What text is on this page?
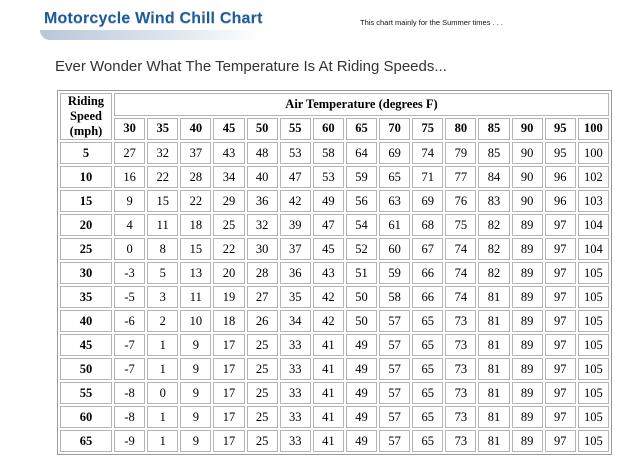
Motorcycle Wind Chill Chart	This chart mainly for the Summer times . . .
Ever Wonder What The Temperature Is At Riding Speeds...
Riding
Speed
(mph)	Air Temperature (degrees F)														
	30	35	40	45	50	55	60	65	70	75	80	85	90	95	100
5	27	32	37	43	48	53	58	64	69	74	79	85	90	95	100
10	16	22	28	34	40	47	53	59	65	71	77	84	90	96	102
15	9	15	22	29	36	42	49	56	63	69	76	83	90	96	103
20	4	11	18	25	32	39	47	54	61	68	75	82	89	97	104
25	0	8	15	22	30	37	45	52	60	67	74	82	89	97	104
30	-3	5	13	20	28	36	43	51	59	66	74	82	89	97	105
35	-5	3	11	19	27	35	42	50	58	66	74	81	89	97	105
40	-6	2	10	18	26	34	42	50	57	65	73	81	89	97	105
45	-7	1	9	17	25	33	41	49	57	65	73	81	89	97	105
50	-7	1	9	17	25	33	41	49	57	65	73	81	89	97	105
55	-8	0	9	17	25	33	41	49	57	65	73	81	89	97	105
60	-8	1	9	17	25	33	41	49	57	65	73	81	89	97	105
65	-9	1	9	17	25	33	41	49	57	65	73	81	89	97	105
